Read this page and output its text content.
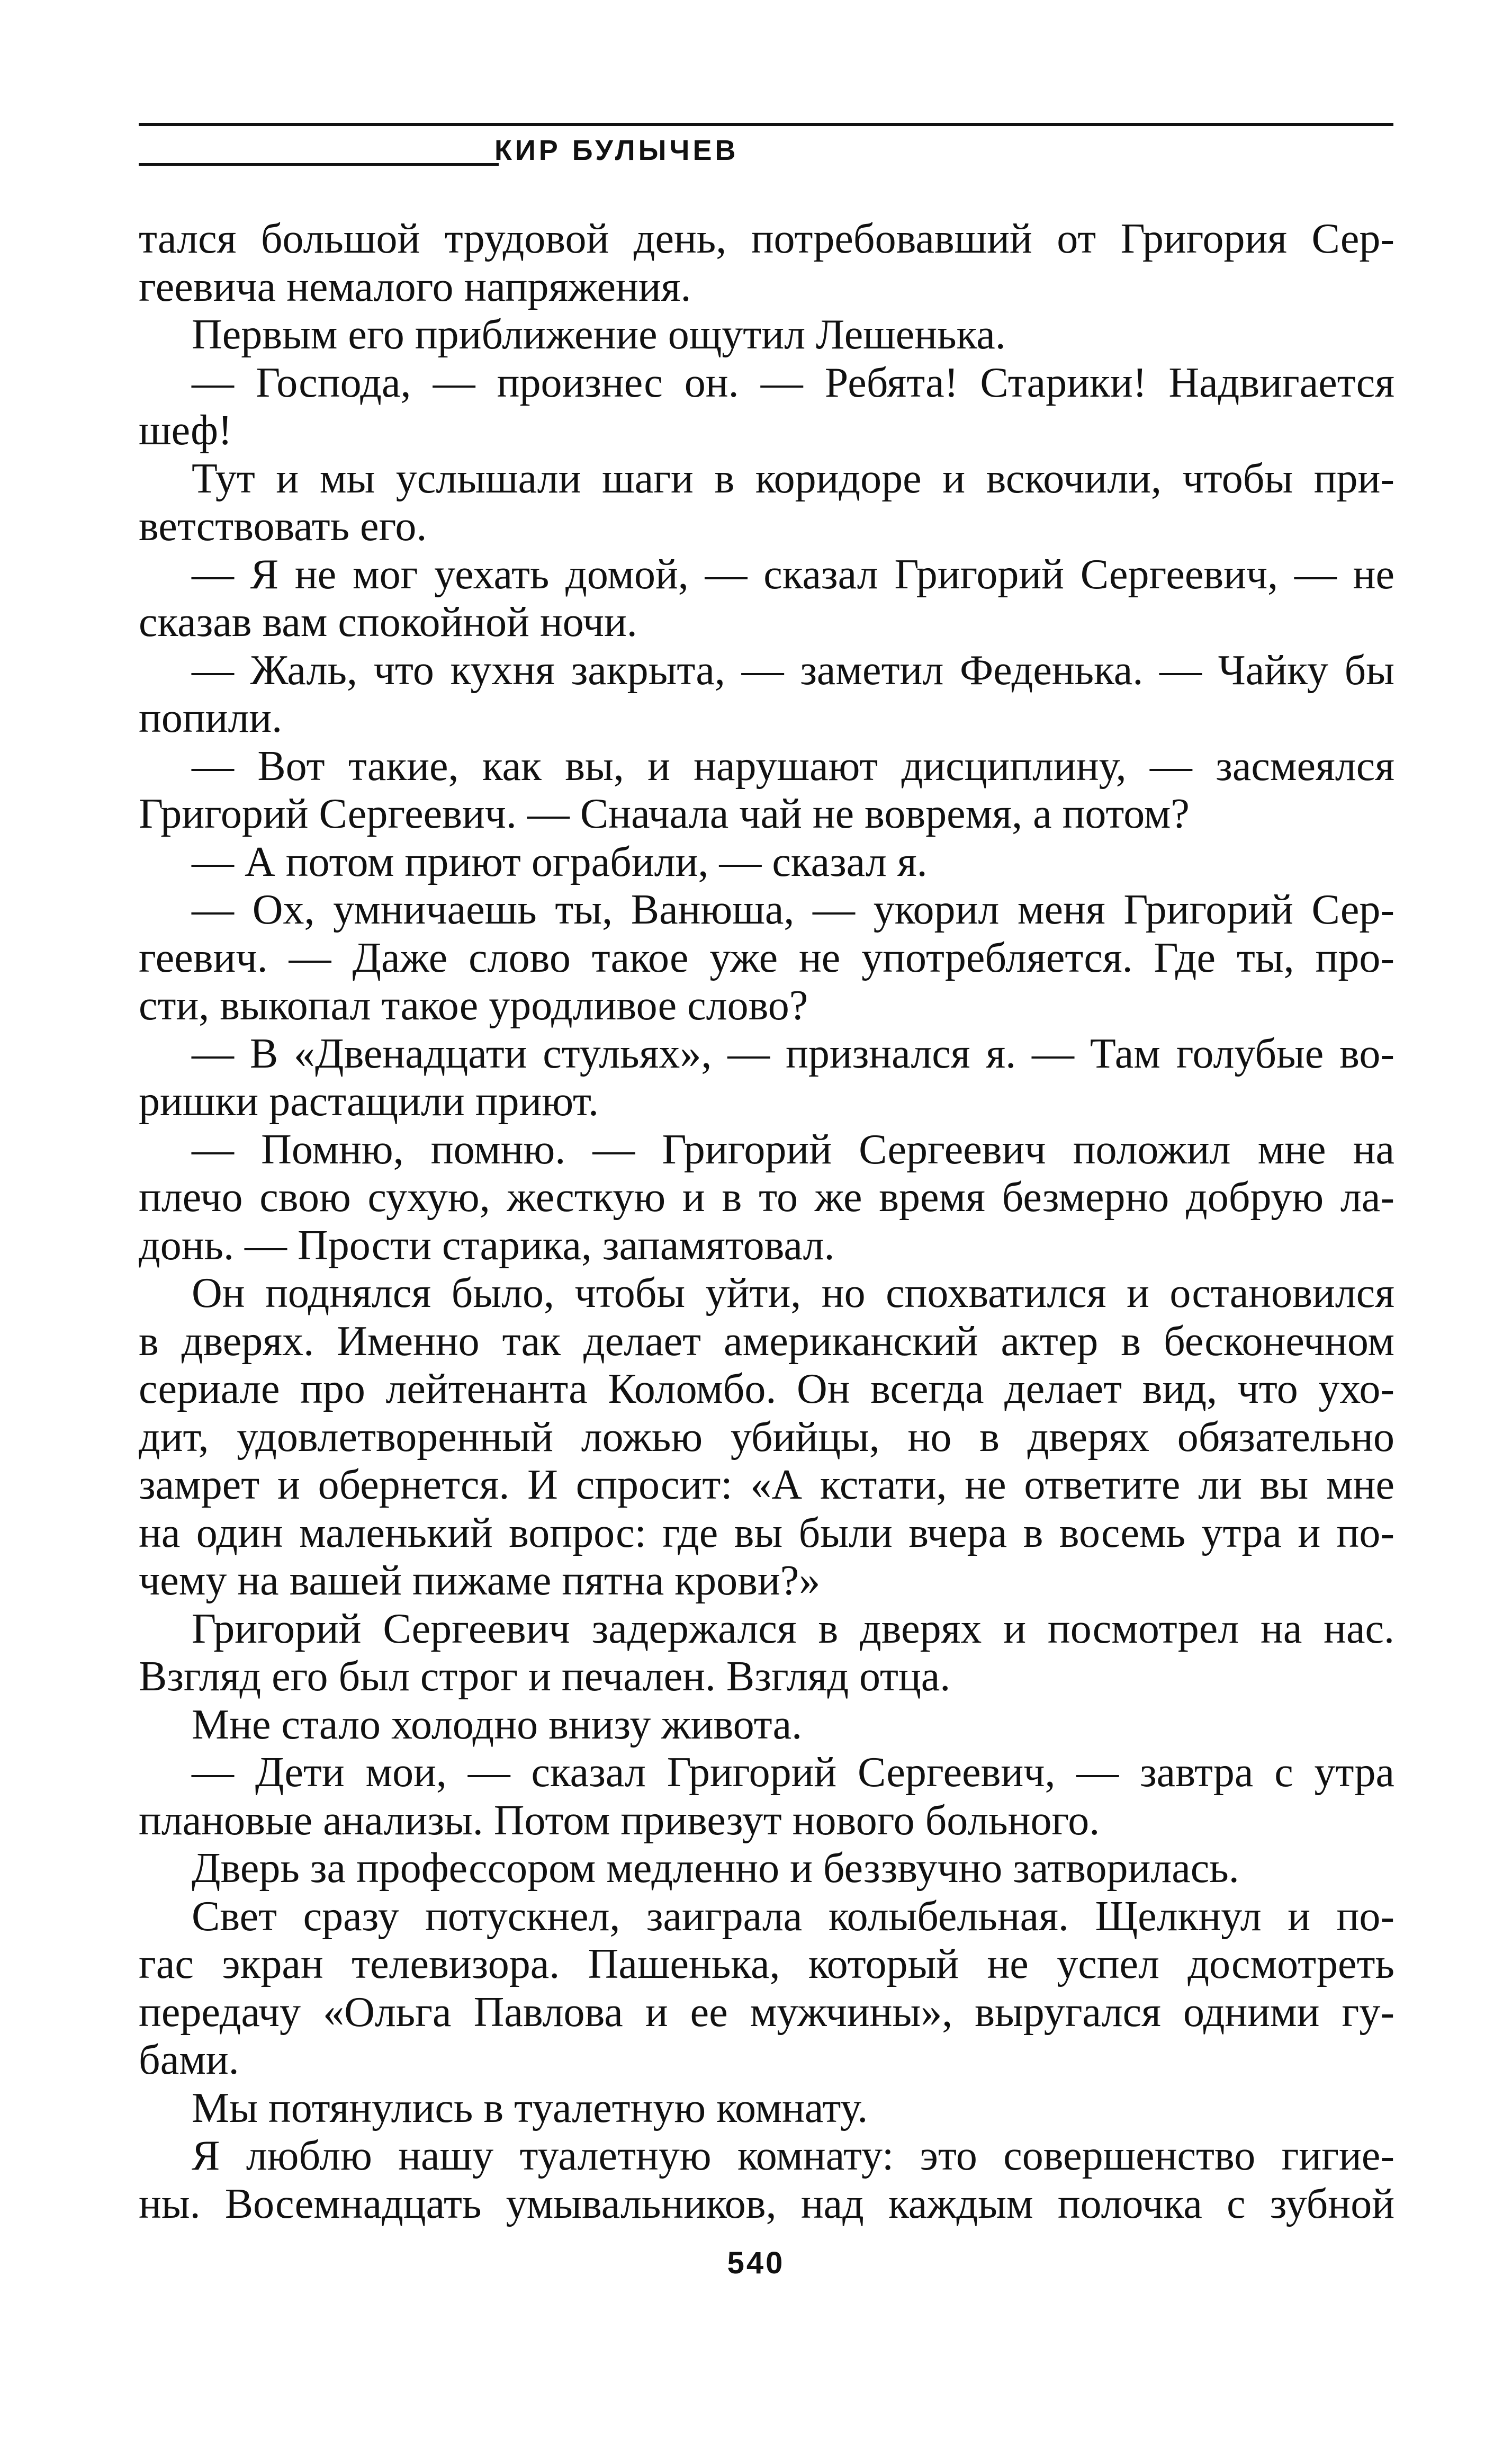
КИР БУЛЫЧЕВ
тался большой трудовой день, потребовавший от Григория Сер-
геевича немалого напряжения.
Первым его приближение ощутил Лешенька.
— Господа, — произнес он. — Ребята! Старики! Надвигается
шеф!
Тут и мы услышали шаги в коридоре и вскочили, чтобы при-
ветствовать его.
— Я не мог уехать домой, — сказал Григорий Сергеевич, — не
сказав вам спокойной ночи.
— Жаль, что кухня закрыта, — заметил Феденька. — Чайку бы
попили.
— Вот такие, как вы, и нарушают дисциплину, — засмеялся
Григорий Сергеевич. — Сначала чай не вовремя, а потом?
— А потом приют ограбили, — сказал я.
— Ох, умничаешь ты, Ванюша, — укорил меня Григорий Сер-
геевич. — Даже слово такое уже не употребляется. Где ты, про-
сти, выкопал такое уродливое слово?
— В «Двенадцати стульях», — признался я. — Там голубые во-
ришки растащили приют.
— Помню, помню. — Григорий Сергеевич положил мне на
плечо свою сухую, жесткую и в то же время безмерно добрую ла-
донь. — Прости старика, запамятовал.
Он поднялся было, чтобы уйти, но спохватился и остановился
в дверях. Именно так делает американский актер в бесконечном
сериале про лейтенанта Коломбо. Он всегда делает вид, что ухо-
дит, удовлетворенный ложью убийцы, но в дверях обязательно
замрет и обернется. И спросит: «А кстати, не ответите ли вы мне
на один маленький вопрос: где вы были вчера в восемь утра и по-
чему на вашей пижаме пятна крови?»
Григорий Сергеевич задержался в дверях и посмотрел на нас.
Взгляд его был строг и печален. Взгляд отца.
Мне стало холодно внизу живота.
— Дети мои, — сказал Григорий Сергеевич, — завтра с утра
плановые анализы. Потом привезут нового больного.
Дверь за профессором медленно и беззвучно затворилась.
Свет сразу потускнел, заиграла колыбельная. Щелкнул и по-
гас экран телевизора. Пашенька, который не успел досмотреть
передачу «Ольга Павлова и ее мужчины», выругался одними гу-
бами.
Мы потянулись в туалетную комнату.
Я люблю нашу туалетную комнату: это совершенство гигие-
ны. Восемнадцать умывальников, над каждым полочка с зубной
540
